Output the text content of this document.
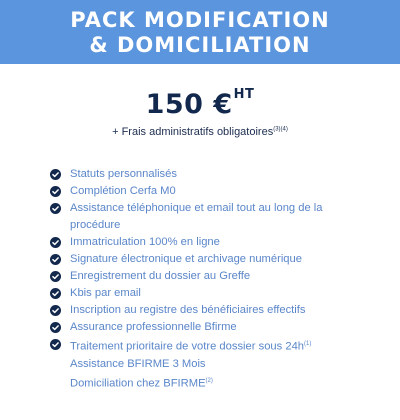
PACK MODIFICATION
& DOMICILIATION
150 €$^{HT}$
+ Frais administratifs obligatoires$^{(3)(4)}$
Statuts personnalisés
Complétion Cerfa M0
Assistance téléphonique et email tout au long de la procédure
Immatriculation 100% en ligne
Signature électronique et archivage numérique
Enregistrement du dossier au Greffe
Kbis par email
Inscription au registre des bénéficiaires effectifs
Assurance professionnelle Bfirme
Traitement prioritaire de votre dossier sous $24h^{(1)}$
Assistance BFIRME 3 Mois
Domiciliation chez BFIRME$^{(2)}$
